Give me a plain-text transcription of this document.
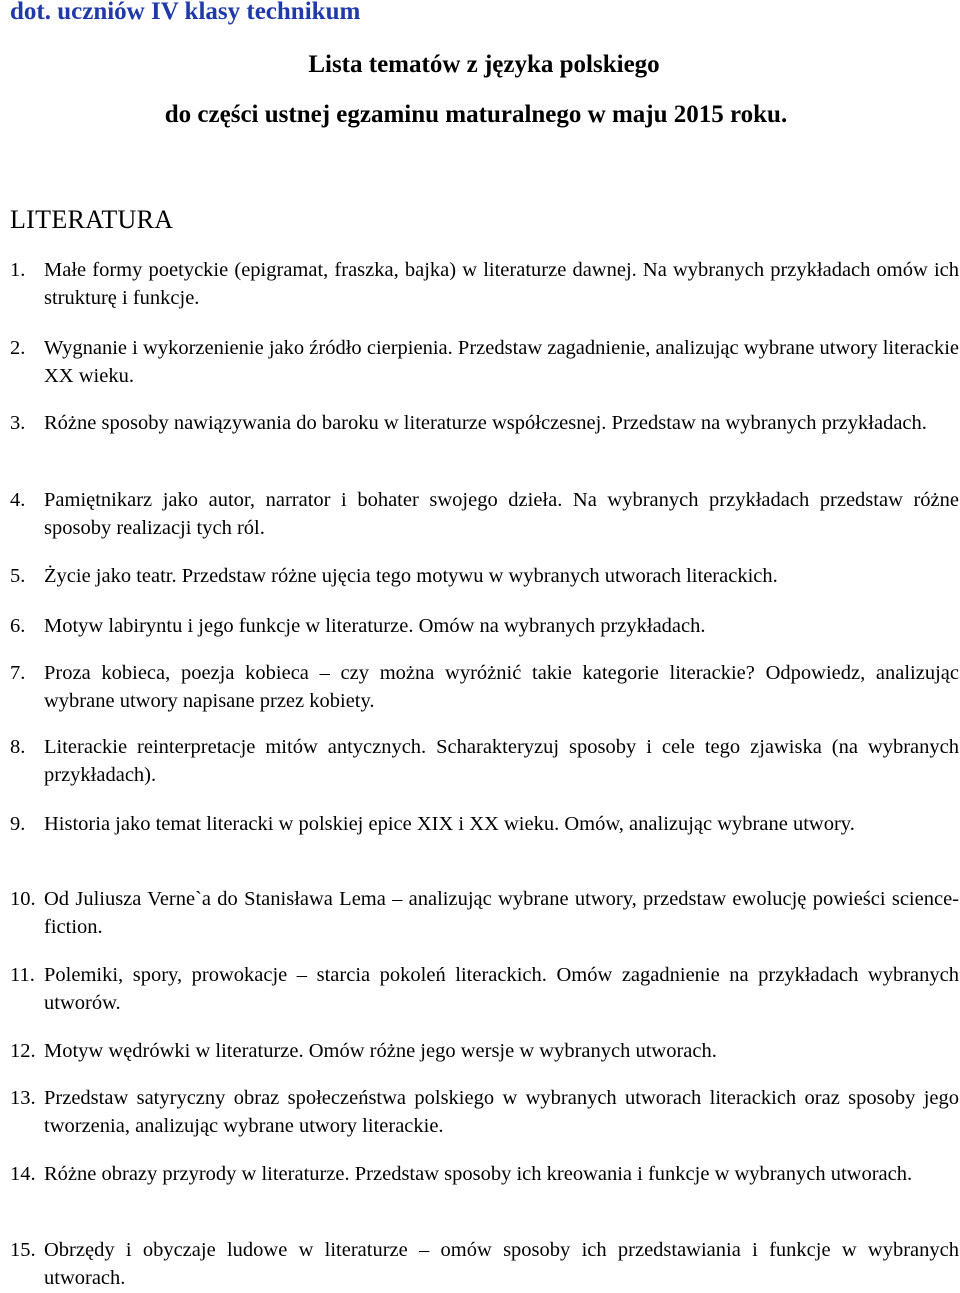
dot. uczniów IV klasy technikum
Lista tematów z języka polskiego
do części ustnej egzaminu maturalnego w maju 2015 roku.
LITERATURA
1. Małe formy poetyckie (epigramat, fraszka, bajka) w literaturze dawnej. Na wybranych przykładach omów ich strukturę i funkcje.
2. Wygnanie i wykorzenienie jako źródło cierpienia. Przedstaw zagadnienie, analizując wybrane utwory literackie XX wieku.
3. Różne sposoby nawiązywania do baroku w literaturze współczesnej. Przedstaw na wybranych przykładach.
4. Pamiętnikarz jako autor, narrator i bohater swojego dzieła. Na wybranych przykładach przedstaw różne sposoby realizacji tych ról.
5. Życie jako teatr. Przedstaw różne ujęcia tego motywu w wybranych utworach literackich.
6. Motyw labiryntu i jego funkcje w literaturze. Omów na wybranych przykładach.
7. Proza kobieca, poezja kobieca – czy można wyróżnić takie kategorie literackie? Odpowiedz, analizując wybrane utwory napisane przez kobiety.
8. Literackie reinterpretacje mitów antycznych. Scharakteryzuj sposoby i cele tego zjawiska (na wybranych przykładach).
9. Historia jako temat literacki w polskiej epice XIX i XX wieku. Omów, analizując wybrane utwory.
10. Od Juliusza Verne`a do Stanisława Lema – analizując wybrane utwory, przedstaw ewolucję powieści science-fiction.
11. Polemiki, spory, prowokacje – starcia pokoleń literackich. Omów zagadnienie na przykładach wybranych utworów.
12. Motyw wędrówki w literaturze. Omów różne jego wersje w wybranych utworach.
13. Przedstaw satyryczny obraz społeczeństwa polskiego w wybranych utworach literackich oraz sposoby jego tworzenia, analizując wybrane utwory literackie.
14. Różne obrazy przyrody w literaturze. Przedstaw sposoby ich kreowania i funkcje w wybranych utworach.
15. Obrzędy i obyczaje ludowe w literaturze – omów sposoby ich przedstawiania i funkcje w wybranych utworach.
